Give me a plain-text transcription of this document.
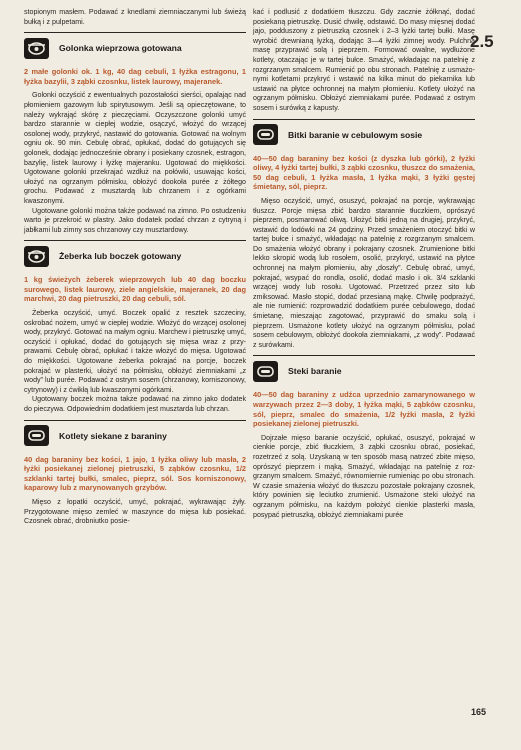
2.5

stopionym masłem. Podawać z knedlami ziemniaczanymi lub świeżą bułką i z pulpetami.

Golonka wieprzowa gotowana

2 małe golonki ok. 1 kg, 40 dag cebuli, 1 łyżka estragonu, 1 łyżka bazylii, 3 ząbki czosnku, listek laurowy, majeranek.

Golonki oczyścić z ewentualnych pozostałości sierści, opalając nad płomieniem gazowym lub spirytusowym. Jeśli są opieczętowane, to należy wykrająć skórę z pieczęciami. Oczyszczone golonki umyć bardzo starannie w ciepłej wodzie, osączyć, włożyć do wrzącej osolonej wody, przykryć, nastawić do gotowania. Gotować na wolnym ogniu ok. 90 min. Cebulę obrać, opłukać, dodać do gotujących się golonek, dodając jednocześnie obrany i posiekany czosnek, estragon, bazylię, listek laurowy i łyżkę majeranku. Ugotować do miękkości. Ugotowane golonki przekrajać wzdłuż na połówki, usuwając kości, ułożyć na ogrzanym półmisku, obłożyć dookoła purée z żółtego grochu. Podawać z musztardą lub chrzanem i z ogórkami kwaszonymi.

Ugotowane golonki można także podawać na zimno. Po ostudzeniu warto je przekroić w plastry. Jako dodatek podać chrzan z cytryną i jabłkami lub zimny sos chrzanowy czy musztardowy.

Żeberka lub boczek gotowany

1 kg świeżych żeberek wieprzowych lub 40 dag boczku surowego, listek laurowy, ziele angielskie, majeranek, 20 dag marchwi, 20 dag pietruszki, 20 dag cebuli, sól.

Żeberka oczyścić, umyć. Boczek opalić z resztek szczeciny, oskrobać nożem, umyć w ciepłej wodzie. Włożyć do wrzącej osolonej wody, przykryć. Gotować na małym ogniu. Marchew i pietruszkę umyć, oczyścić i opłukać, dodać do gotujących się mięsa wraz z przyprawami. Cebulę obrać, opłukać i także włożyć do mięsa. Ugotować do miękkości. Ugotowane żeberka pokrajać na porcje, boczek pokrajać w plasterki, ułożyć na półmisku, obłożyć ziemniakami „z wody” lub purée. Podawać z ostrym sosem (chrzanowy, korniszonowy, cytrynowy) i z ćwikłą lub kwaszonymi ogórkami.

Ugotowany boczek można także podawać na zimno jako dodatek do pieczywa. Odpowiednim dodatkiem jest musztarda lub chrzan.

Kotlety siekane z baraniny

40 dag baraniny bez kości, 1 jajo, 1 łyżka oliwy lub masła, 2 łyżki posiekanej zielonej pietruszki, 5 ząbków czosnku, 1/2 szklanki tartej bułki, smalec, pieprz, sól. Sos korniszonowy, kaparowy lub z marynowanych grzybów.

Mięso z łopatki oczyścić, umyć, pokrajać, wykrawając żyły. Przygotowane mięso zemleć w maszynce do mięsa lub posiekać. Czosnek obrać, drobniutko posie-

kać i podlusić z dodatkiem tłuszczu. Gdy zacznie żółknąć, dodać posiekaną pietruszkę. Dusić chwilę, odstawić. Do masy mięsnej dodać jajo, podduszony z pietruszką czosnek i 2–3 łyżki tartej bułki. Masę wyrobić drewnianą łyżką, dodając 3—4 łyżki zimnej wody. Pulchną masę przyprawić solą i pieprzem. Formować owalne, wydłużone kotlety, otaczając je w tartej bułce. Smażyć, wkładając na patelnię z rozgrzanym smalcem. Rumienić po obu stronach. Patelnię z usmażonymi kotletami przykryć i wstawić na kilka minut do piekarnika lub ustawić na płytce ochronnej na małym płomieniu. Kotlety ułożyć na ogrzanym półmisku. Obłożyć ziemniakami purée. Podawać z ostrym sosem i surówką z kapusty.

Bitki baranie w cebulowym sosie

40—50 dag baraniny bez kości (z dyszka lub górki), 2 łyżki oliwy, 4 łyżki tartej bułki, 3 ząbki czosnku, tłuszcz do smażenia, 50 dag cebuli, 1 łyżka masła, 1 łyżka mąki, 3 łyżki gęstej śmietany, sól, pieprz.

Mięso oczyścić, umyć, osuszyć, pokrajać na porcje, wykrawając tłuszcz. Porcje mięsa zbić bardzo starannie tłuczkiem, oprószyć pieprzem, posmarować oliwą. Ułożyć bitki jedną na drugiej, przykryć, wstawić do lodówki na 24 godziny. Przed smażeniem otoczyć bitki w tartej bułce i smażyć, wkładając na patelnię z rozgrzanym smalcem. Do smażenia włożyć obrany i pokrajany czosnek. Zrumienione bitki lekko skropić wodą lub rosołem, osolić, przykryć, ustawić na płytce ochronnej na małym płomieniu, aby „doszły”. Cebulę obrać, umyć, pokrajać, wsypać do rondla, osolić, dodać masło i ok. 3/4 szklanki wrzącej wody lub rosołu. Ugotować. Przetrzeć przez sito lub zmiksować. Masło stopić, dodać przesianą mąkę. Chwilę podprażyć, ale nie rumienić: rozprowadzić dodatkiem purée cebulowego, dodać śmietanę, mieszając zagotować, przyprawić do smaku solą i pieprzem. Usmażone kotlety ułożyć na ogrzanym półmisku, polać sosem cebulowym, obłożyć dookoła ziemniakami, „z wody”. Podawać z surówkami.

Steki baranie

40—50 dag baraniny z udźca uprzednio zamarynowanego w warzywach przez 2—3 doby, 1 łyżka mąki, 5 ząbków czosnku, sól, pieprz, smalec do smażenia, 1/2 łyżki masła, 2 łyżki posiekanej zielonej pietruszki.

Dojrzałe mięso baranie oczyścić, opłukać, osuszyć, pokrajać w cienkie porcje, zbić tłuczkiem, 3 ząbki czosnku obrać, posiekać, rozetrzeć z solą. Uzyskaną w ten sposób masą natrzeć zbite mięso, oprószyć pieprzem i mąką. Smażyć, wkładając na patelnię z rozgrzanym smalcem. Smażyć, równomiernie rumieniąc po obu stronach. W czasie smażenia włożyć do tłuszczu pozostałe pokrajany czosnek, który powinien się leciutko zrumienić. Usmażone steki ułożyć na ogrzanym półmisku, na każdym położyć cienkie plasterki masła, posypać pietruszką, obłożyć ziemniakami purée

165
